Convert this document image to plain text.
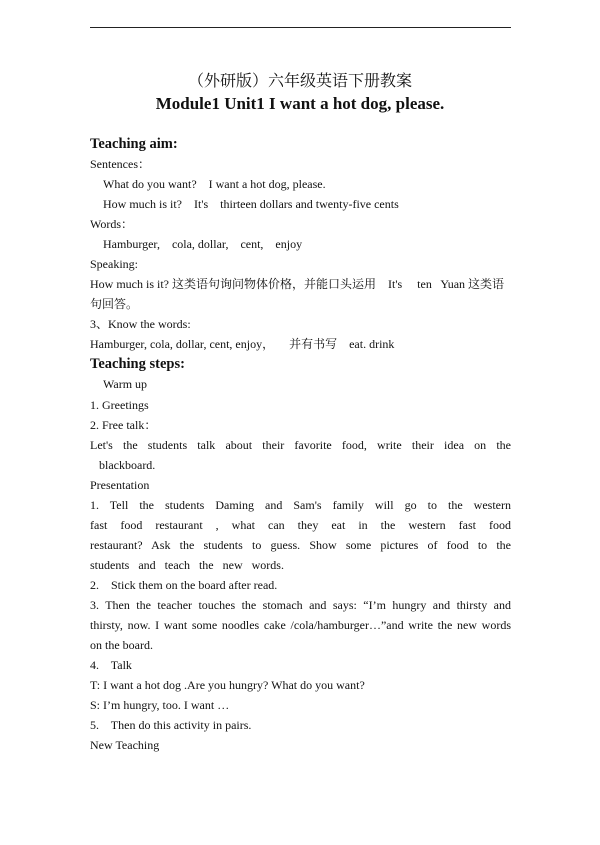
（外研版）六年级英语下册教案
Module1 Unit1 I want a hot dog, please.
Teaching aim:
Sentences：
What do you want?    I want a hot dog, please.
How much is it?    It's    thirteen dollars and twenty-five cents
Words：
Hamburger,    cola, dollar,    cent,    enjoy
Speaking:
How much is it? 这类语句询问物体价格，并能口头运用    It's     ten   Yuan 这类语
句回答。
3、Know the words:
Hamburger, cola, dollar, cent, enjoy，     并有书写    eat. drink
Teaching steps:
Warm up
1. Greetings
2. Free talk：
Let's the students talk about their favorite food, write their idea on the
blackboard.
Presentation
1. Tell the students Daming and Sam's family will go to the western
fast food restaurant , what can they eat in the western fast food
restaurant? Ask the students to guess. Show some pictures of food to the
students and teach the new words.
2.    Stick them on the board after read.
3. Then the teacher touches the stomach and says: “I’m hungry and thirsty and
thirsty, now. I want some noodles cake /cola/hamburger…”and write the new words
on the board.
4.    Talk
T: I want a hot dog .Are you hungry? What do you want?
S: I’m hungry, too. I want …
5.    Then do this activity in pairs.
New Teaching
